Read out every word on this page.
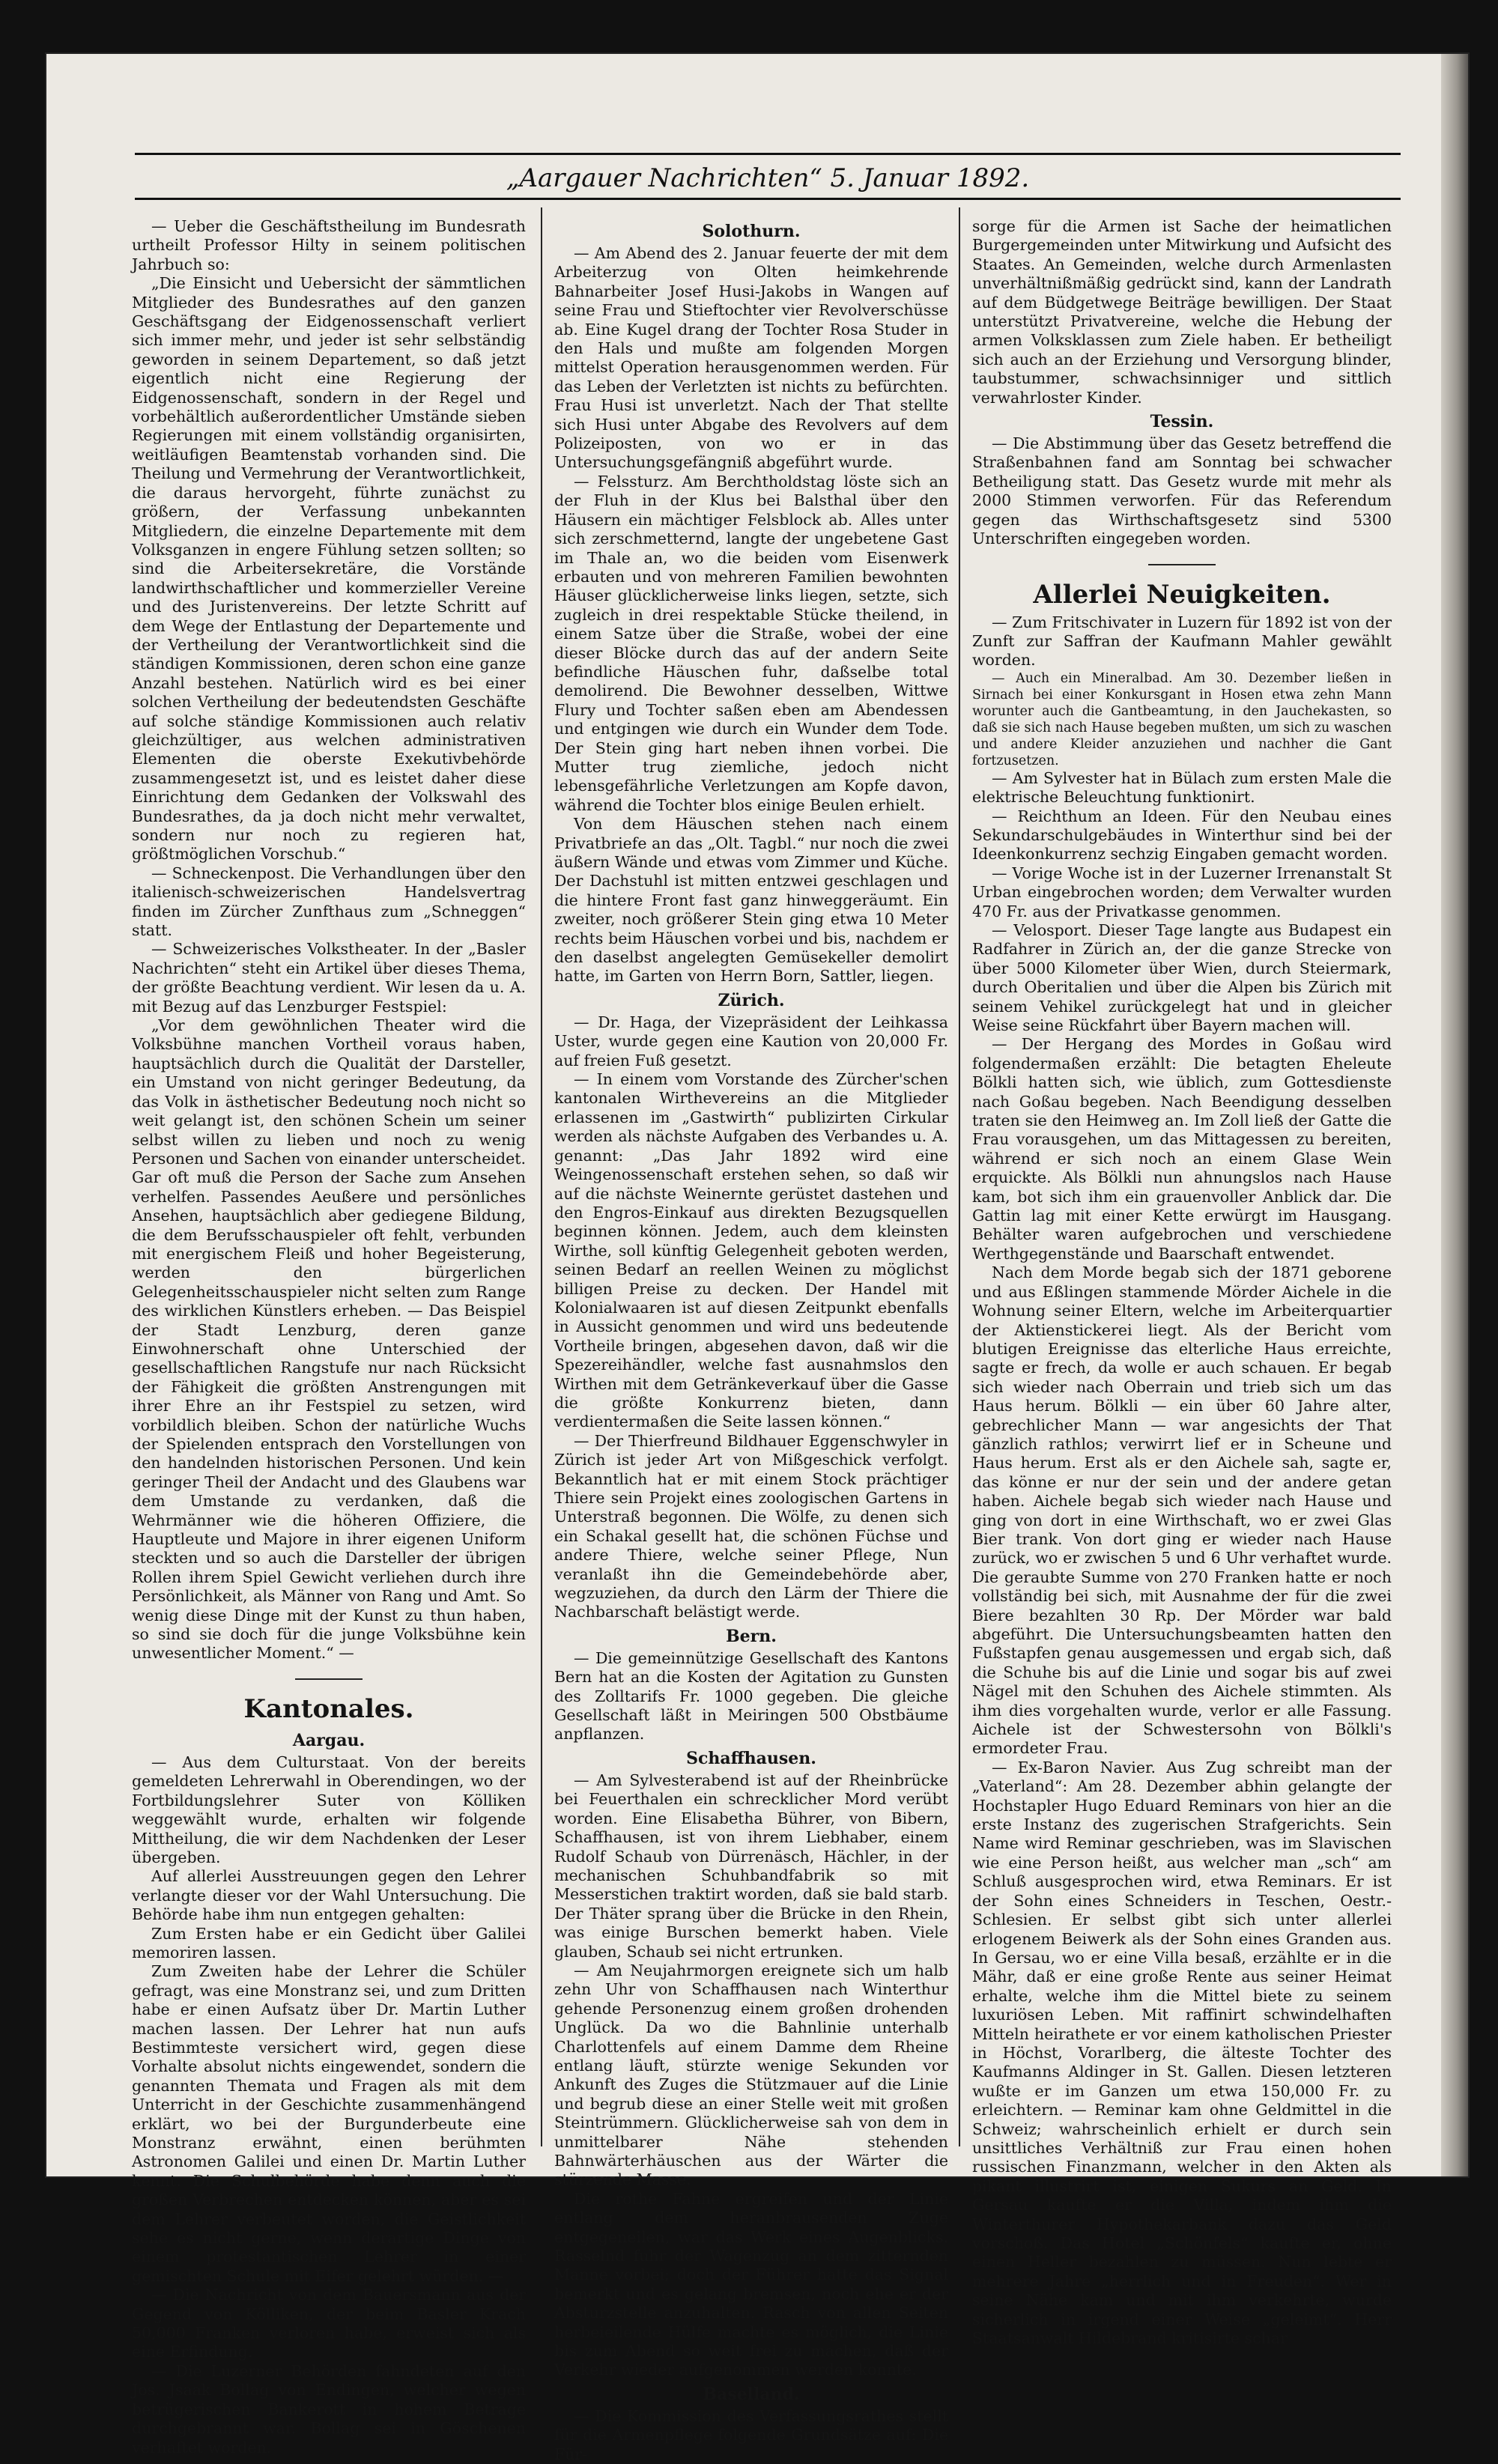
„Aargauer Nachrichten“ 5. Januar 1892.

— Ueber die Geschäftstheilung im Bundesrath urtheilt Professor Hilty in seinem politischen Jahrbuch so:

„Die Einsicht und Uebersicht der sämmtlichen Mitglieder des Bundesrathes auf den ganzen Geschäftsgang der Eidgenossenschaft verliert sich immer mehr, und jeder ist sehr selbständig geworden in seinem Departement, so daß jetzt eigentlich nicht eine Regierung der Eidgenossenschaft, sondern in der Regel und vorbehältlich außerordentlicher Umstände sieben Regierungen mit einem vollständig organisirten, weitläufigen Beamtenstab vorhanden sind. Die Theilung und Vermehrung der Verantwortlichkeit, die daraus hervorgeht, führte zunächst zu größern, der Verfassung unbekannten Mitgliedern, die einzelne Departemente mit dem Volksganzen in engere Fühlung setzen sollten; so sind die Arbeitersekretäre, die Vorstände landwirthschaftlicher und kommerzieller Vereine und des Juristenvereins. Der letzte Schritt auf dem Wege der Entlastung der Departemente und der Vertheilung der Verantwortlichkeit sind die ständigen Kommissionen, deren schon eine ganze Anzahl bestehen. Natürlich wird es bei einer solchen Vertheilung der bedeutendsten Geschäfte auf solche ständige Kommissionen auch relativ gleichzültiger, aus welchen administrativen Elementen die oberste Exekutivbehörde zusammengesetzt ist, und es leistet daher diese Einrichtung dem Gedanken der Volkswahl des Bundesrathes, da ja doch nicht mehr verwaltet, sondern nur noch zu regieren hat, größtmöglichen Vorschub.“

— Schneckenpost. Die Verhandlungen über den italienisch-schweizerischen Handelsvertrag finden im Zürcher Zunfthaus zum „Schneggen“ statt.

— Schweizerisches Volkstheater. In der „Basler Nachrichten“ steht ein Artikel über dieses Thema, der größte Beachtung verdient. Wir lesen da u. A. mit Bezug auf das Lenzburger Festspiel:

„Vor dem gewöhnlichen Theater wird die Volksbühne manchen Vortheil voraus haben, hauptsächlich durch die Qualität der Darsteller, ein Umstand von nicht geringer Bedeutung, da das Volk in ästhetischer Bedeutung noch nicht so weit gelangt ist, den schönen Schein um seiner selbst willen zu lieben und noch zu wenig Personen und Sachen von einander unterscheidet. Gar oft muß die Person der Sache zum Ansehen verhelfen. Passendes Aeußere und persönliches Ansehen, hauptsächlich aber gediegene Bildung, die dem Berufsschauspieler oft fehlt, verbunden mit energischem Fleiß und hoher Begeisterung, werden den bürgerlichen Gelegenheitsschauspieler nicht selten zum Range des wirklichen Künstlers erheben. — Das Beispiel der Stadt Lenzburg, deren ganze Einwohnerschaft ohne Unterschied der gesellschaftlichen Rangstufe nur nach Rücksicht der Fähigkeit die größten Anstrengungen mit ihrer Ehre an ihr Festspiel zu setzen, wird vorbildlich bleiben. Schon der natürliche Wuchs der Spielenden entsprach den Vorstellungen von den handelnden historischen Personen. Und kein geringer Theil der Andacht und des Glaubens war dem Umstande zu verdanken, daß die Wehrmänner wie die höheren Offiziere, die Hauptleute und Majore in ihrer eigenen Uniform steckten und so auch die Darsteller der übrigen Rollen ihrem Spiel Gewicht verliehen durch ihre Persönlichkeit, als Männer von Rang und Amt. So wenig diese Dinge mit der Kunst zu thun haben, so sind sie doch für die junge Volksbühne kein unwesentlicher Moment.“ —

Kantonales.
Aargau.

— Aus dem Culturstaat. Von der bereits gemeldeten Lehrerwahl in Oberendingen, wo der Fortbildungslehrer Suter von Kölliken weggewählt wurde, erhalten wir folgende Mittheilung, die wir dem Nachdenken der Leser übergeben.

Auf allerlei Ausstreuungen gegen den Lehrer verlangte dieser vor der Wahl Untersuchung. Die Behörde habe ihm nun entgegen gehalten:

Zum Ersten habe er ein Gedicht über Galilei memoriren lassen.

Zum Zweiten habe der Lehrer die Schüler gefragt, was eine Monstranz sei, und zum Dritten habe er einen Aufsatz über Dr. Martin Luther machen lassen. Der Lehrer hat nun aufs Bestimmteste versichert wird, gegen diese Vorhalte absolut nichts eingewendet, sondern die genannten Themata und Fragen als mit dem Unterricht in der Geschichte zusammenhängend erklärt, wo bei der Burgunderbeute eine Monstranz erwähnt, einen berühmten Astronomen Galilei und einen Dr. Martin Luther kennt. Die Schulbehörde habe denn auch die großen Verbrechen entdecken können, aber es sei dem Lehrer verbeutet worden, die Geistlichkeit sehe es nicht gerne, wenn derartige Dinge von einem protestantischen Lehrer in einer gemischten Schule mit Eifer gelehrt würden. —

— Die Nachricht von dem Bauersmann aus der Gegend von Kölliken, der beim Basler Krach 50,000 Franken verloren habe, erweist sich als eine Erfindung.

— Die Luzerner Behörden fahndeten auf den Jos. Jsaak Bollag von Endingen, welcher wegen betrügerischen Bankerott in hohem Betrage durchgebrannt war. Bollag sei in Göschenen verhaftet worden.

Solothurn.

— Am Abend des 2. Januar feuerte der mit dem Arbeiterzug von Olten heimkehrende Bahnarbeiter Josef Husi-Jakobs in Wangen auf seine Frau und Stieftochter vier Revolverschüsse ab. Eine Kugel drang der Tochter Rosa Studer in den Hals und mußte am folgenden Morgen mittelst Operation herausgenommen werden. Für das Leben der Verletzten ist nichts zu befürchten. Frau Husi ist unverletzt. Nach der That stellte sich Husi unter Abgabe des Revolvers auf dem Polizeiposten, von wo er in das Untersuchungsgefängniß abgeführt wurde.

— Felssturz. Am Berchtholdstag löste sich an der Fluh in der Klus bei Balsthal über den Häusern ein mächtiger Felsblock ab. Alles unter sich zerschmetternd, langte der ungebetene Gast im Thale an, wo die beiden vom Eisenwerk erbauten und von mehreren Familien bewohnten Häuser glücklicherweise links liegen, setzte, sich zugleich in drei respektable Stücke theilend, in einem Satze über die Straße, wobei der eine dieser Blöcke durch das auf der andern Seite befindliche Häuschen fuhr, daßselbe total demolirend. Die Bewohner desselben, Wittwe Flury und Tochter saßen eben am Abendessen und entgingen wie durch ein Wunder dem Tode. Der Stein ging hart neben ihnen vorbei. Die Mutter trug ziemliche, jedoch nicht lebensgefährliche Verletzungen am Kopfe davon, während die Tochter blos einige Beulen erhielt.

Von dem Häuschen stehen nach einem Privatbriefe an das „Olt. Tagbl.“ nur noch die zwei äußern Wände und etwas vom Zimmer und Küche. Der Dachstuhl ist mitten entzwei geschlagen und die hintere Front fast ganz hinweggeräumt. Ein zweiter, noch größerer Stein ging etwa 10 Meter rechts beim Häuschen vorbei und bis, nachdem er den daselbst angelegten Gemüsekeller demolirt hatte, im Garten von Herrn Born, Sattler, liegen.

Zürich.

— Dr. Haga, der Vizepräsident der Leihkassa Uster, wurde gegen eine Kaution von 20,000 Fr. auf freien Fuß gesetzt.

— In einem vom Vorstande des Zürcher'schen kantonalen Wirthevereins an die Mitglieder erlassenen im „Gastwirth“ publizirten Cirkular werden als nächste Aufgaben des Verbandes u. A. genannt: „Das Jahr 1892 wird eine Weingenossenschaft erstehen sehen, so daß wir auf die nächste Weinernte gerüstet dastehen und den Engros-Einkauf aus direkten Bezugsquellen beginnen können. Jedem, auch dem kleinsten Wirthe, soll künftig Gelegenheit geboten werden, seinen Bedarf an reellen Weinen zu möglichst billigen Preise zu decken. Der Handel mit Kolonialwaaren ist auf diesen Zeitpunkt ebenfalls in Aussicht genommen und wird uns bedeutende Vortheile bringen, abgesehen davon, daß wir die Spezereihändler, welche fast ausnahmslos den Wirthen mit dem Getränkeverkauf über die Gasse die größte Konkurrenz bieten, dann verdientermaßen die Seite lassen können.“

— Der Thierfreund Bildhauer Eggenschwyler in Zürich ist jeder Art von Mißgeschick verfolgt. Bekanntlich hat er mit einem Stock prächtiger Thiere sein Projekt eines zoologischen Gartens in Unterstraß begonnen. Die Wölfe, zu denen sich ein Schakal gesellt hat, die schönen Füchse und andere Thiere, welche seiner Pflege, Nun veranlaßt ihn die Gemeindebehörde aber, wegzuziehen, da durch den Lärm der Thiere die Nachbarschaft belästigt werde.

Bern.

— Die gemeinnützige Gesellschaft des Kantons Bern hat an die Kosten der Agitation zu Gunsten des Zolltarifs Fr. 1000 gegeben. Die gleiche Gesellschaft läßt in Meiringen 500 Obstbäume anpflanzen.

Schaffhausen.

— Am Sylvesterabend ist auf der Rheinbrücke bei Feuerthalen ein schrecklicher Mord verübt worden. Eine Elisabetha Bührer, von Bibern, Schaffhausen, ist von ihrem Liebhaber, einem Rudolf Schaub von Dürrenäsch, Hächler, in der mechanischen Schuhbandfabrik so mit Messerstichen traktirt worden, daß sie bald starb. Der Thäter sprang über die Brücke in den Rhein, was einige Burschen bemerkt haben. Viele glauben, Schaub sei nicht ertrunken.

— Am Neujahrmorgen ereignete sich um halb zehn Uhr von Schaffhausen nach Winterthur gehende Personenzug einem großen drohenden Unglück. Da wo die Bahnlinie unterhalb Charlottenfels auf einem Damme dem Rheine entlang läuft, stürzte wenige Sekunden vor Ankunft des Zuges die Stützmauer auf die Linie und begrub diese an einer Stelle weit mit großen Steintrümmern. Glücklicherweise sah von dem in unmittelbarer Nähe stehenden Bahnwärterhäuschen aus der Wärter die stürzende Masse.

Die rothe Fahne ergreifen und der Linie entlang dem heranbrausenden Zuge entgegeneilen, war das Werk eines Augenblicks. Rasselnd fuhr der Wagenzug an dem zitternden Manne vorbei; doch der Führer hatte das Signal bemerkt und es gelang bremsen, noch ehe er der Absturzstelle anzuhalten. Rasch von allen Seiten herbeieilende Hülfe machte es möglich, die Linie bis zum Abend so weit frei zu machen, daß der Verkehr wieder aufgenommen werden konnte.

Baselland.

— Die Kommission des Verfassungsrathes stellt für die Armenpflege folgende Grundsätze auf: Die Für-

sorge für die Armen ist Sache der heimatlichen Burgergemeinden unter Mitwirkung und Aufsicht des Staates. An Gemeinden, welche durch Armenlasten unverhältnißmäßig gedrückt sind, kann der Landrath auf dem Büdgetwege Beiträge bewilligen. Der Staat unterstützt Privatvereine, welche die Hebung der armen Volksklassen zum Ziele haben. Er betheiligt sich auch an der Erziehung und Versorgung blinder, taubstummer, schwachsinniger und sittlich verwahrloster Kinder.

Tessin.

— Die Abstimmung über das Gesetz betreffend die Straßenbahnen fand am Sonntag bei schwacher Betheiligung statt. Das Gesetz wurde mit mehr als 2000 Stimmen verworfen. Für das Referendum gegen das Wirthschaftsgesetz sind 5300 Unterschriften eingegeben worden.

Allerlei Neuigkeiten.

— Zum Fritschivater in Luzern für 1892 ist von der Zunft zur Saffran der Kaufmann Mahler gewählt worden.

— Auch ein Mineralbad. Am 30. Dezember ließen in Sirnach bei einer Konkursgant in Hosen etwa zehn Mann worunter auch die Gantbeamtung, in den Jauchekasten, so daß sie sich nach Hause begeben mußten, um sich zu waschen und andere Kleider anzuziehen und nachher die Gant fortzusetzen.

— Am Sylvester hat in Bülach zum ersten Male die elektrische Beleuchtung funktionirt.

— Reichthum an Ideen. Für den Neubau eines Sekundarschulgebäudes in Winterthur sind bei der Ideenkonkurrenz sechzig Eingaben gemacht worden.

— Vorige Woche ist in der Luzerner Irrenanstalt St Urban eingebrochen worden; dem Verwalter wurden 470 Fr. aus der Privatkasse genommen.

— Velosport. Dieser Tage langte aus Budapest ein Radfahrer in Zürich an, der die ganze Strecke von über 5000 Kilometer über Wien, durch Steiermark, durch Oberitalien und über die Alpen bis Zürich mit seinem Vehikel zurückgelegt hat und in gleicher Weise seine Rückfahrt über Bayern machen will.

— Der Hergang des Mordes in Goßau wird folgendermaßen erzählt: Die betagten Eheleute Bölkli hatten sich, wie üblich, zum Gottesdienste nach Goßau begeben. Nach Beendigung desselben traten sie den Heimweg an. Im Zoll ließ der Gatte die Frau vorausgehen, um das Mittagessen zu bereiten, während er sich noch an einem Glase Wein erquickte. Als Bölkli nun ahnungslos nach Hause kam, bot sich ihm ein grauenvoller Anblick dar. Die Gattin lag mit einer Kette erwürgt im Hausgang. Behälter waren aufgebrochen und verschiedene Werthgegenstände und Baarschaft entwendet.

Nach dem Morde begab sich der 1871 geborene und aus Eßlingen stammende Mörder Aichele in die Wohnung seiner Eltern, welche im Arbeiterquartier der Aktienstickerei liegt. Als der Bericht vom blutigen Ereignisse das elterliche Haus erreichte, sagte er frech, da wolle er auch schauen. Er begab sich wieder nach Oberrain und trieb sich um das Haus herum. Bölkli — ein über 60 Jahre alter, gebrechlicher Mann — war angesichts der That gänzlich rathlos; verwirrt lief er in Scheune und Haus herum. Erst als er den Aichele sah, sagte er, das könne er nur der sein und der andere getan haben. Aichele begab sich wieder nach Hause und ging von dort in eine Wirthschaft, wo er zwei Glas Bier trank. Von dort ging er wieder nach Hause zurück, wo er zwischen 5 und 6 Uhr verhaftet wurde. Die geraubte Summe von 270 Franken hatte er noch vollständig bei sich, mit Ausnahme der für die zwei Biere bezahlten 30 Rp. Der Mörder war bald abgeführt. Die Untersuchungsbeamten hatten den Fußstapfen genau ausgemessen und ergab sich, daß die Schuhe bis auf die Linie und sogar bis auf zwei Nägel mit den Schuhen des Aichele stimmten. Als ihm dies vorgehalten wurde, verlor er alle Fassung. Aichele ist der Schwestersohn von Bölkli's ermordeter Frau.

— Ex-Baron Navier. Aus Zug schreibt man der „Vaterland“: Am 28. Dezember abhin gelangte der Hochstapler Hugo Eduard Reminars von hier an die erste Instanz des zugerischen Strafgerichts. Sein Name wird Reminar geschrieben, was im Slavischen wie eine Person heißt, aus welcher man „sch“ am Schluß ausgesprochen wird, etwa Reminars. Er ist der Sohn eines Schneiders in Teschen, Oestr.-Schlesien. Er selbst gibt sich unter allerlei erlogenem Beiwerk als der Sohn eines Granden aus. In Gersau, wo er eine Villa besaß, erzählte er in die Mähr, daß er eine große Rente aus seiner Heimat erhalte, welche ihm die Mittel biete zu seinem luxuriösen Leben. Mit raffinirt schwindelhaften Mitteln heirathete er vor einem katholischen Priester in Höchst, Vorarlberg, die älteste Tochter des Kaufmanns Aldinger in St. Gallen. Diesen letzteren wußte er im Ganzen um etwa 150,000 Fr. zu erleichtern. — Reminar kam ohne Geldmittel in die Schweiz; wahrscheinlich erhielt er durch sein unsittliches Verhältniß zur Frau einen hohen russischen Finanzmann, welcher in den Akten als pikant illustrirt ist, einigen Sukurs an Geld. In Gersau kaufte er die Villa, indem ihm die Winterthurer Hypothekarbank dazu das Geld vorschoß. Das Hotel „Schönfels“ kaufte er, ohne einen Heller bezahlen zu müssen. Nun lebte er mehrere Jahre „herrlich und in Freuden“. Wer in seine Nähe kam und mit ihm verkehrte, wurde sicherlich in irgend einer Weise „geleimt“. Herr Staatsanwalt Hildebrand kritisirte schar
